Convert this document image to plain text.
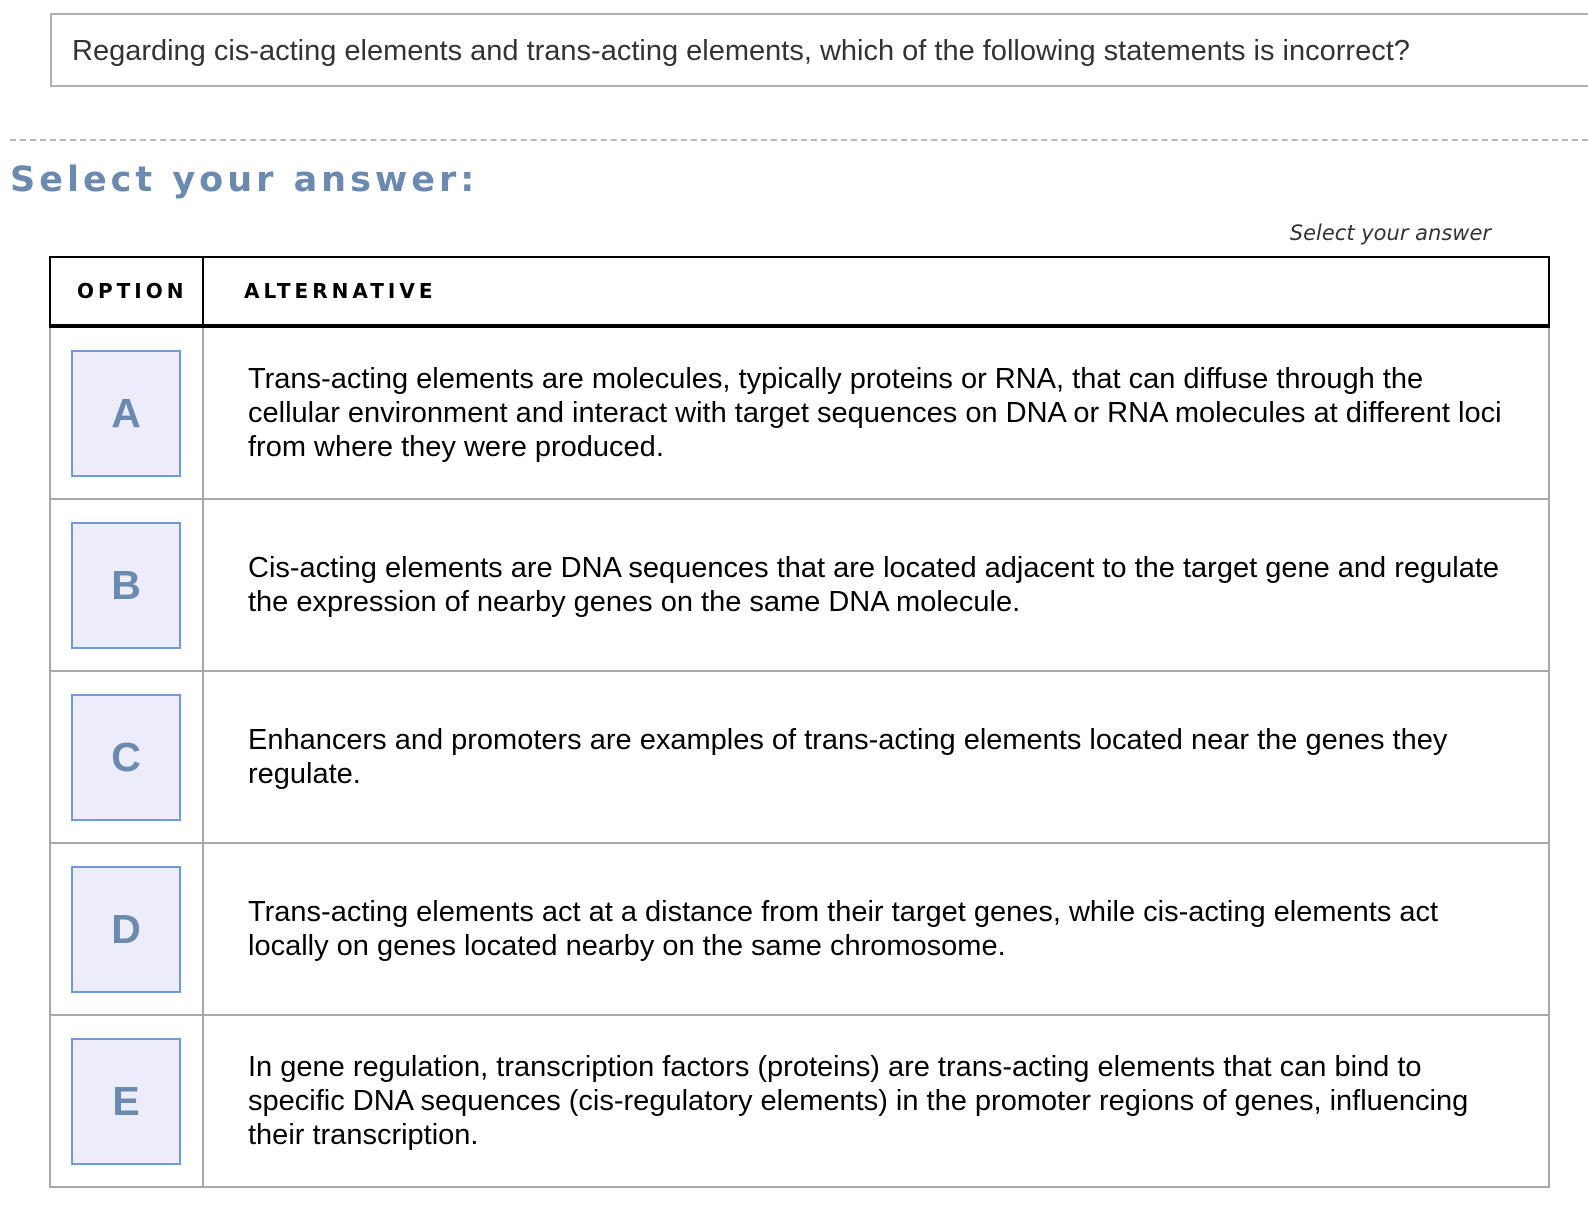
Regarding cis-acting elements and trans-acting elements, which of the following statements is incorrect?
Select your answer:
Select your answer
OPTION	ALTERNATIVE

A	Trans-acting elements are molecules, typically proteins or RNA, that can diffuse through the cellular environment and interact with target sequences on DNA or RNA molecules at different loci from where they were produced.

B	Cis-acting elements are DNA sequences that are located adjacent to the target gene and regulate the expression of nearby genes on the same DNA molecule.

C	Enhancers and promoters are examples of trans-acting elements located near the genes they regulate.

D	Trans-acting elements act at a distance from their target genes, while cis-acting elements act locally on genes located nearby on the same chromosome.

E	In gene regulation, transcription factors (proteins) are trans-acting elements that can bind to specific DNA sequences (cis-regulatory elements) in the promoter regions of genes, influencing their transcription.
